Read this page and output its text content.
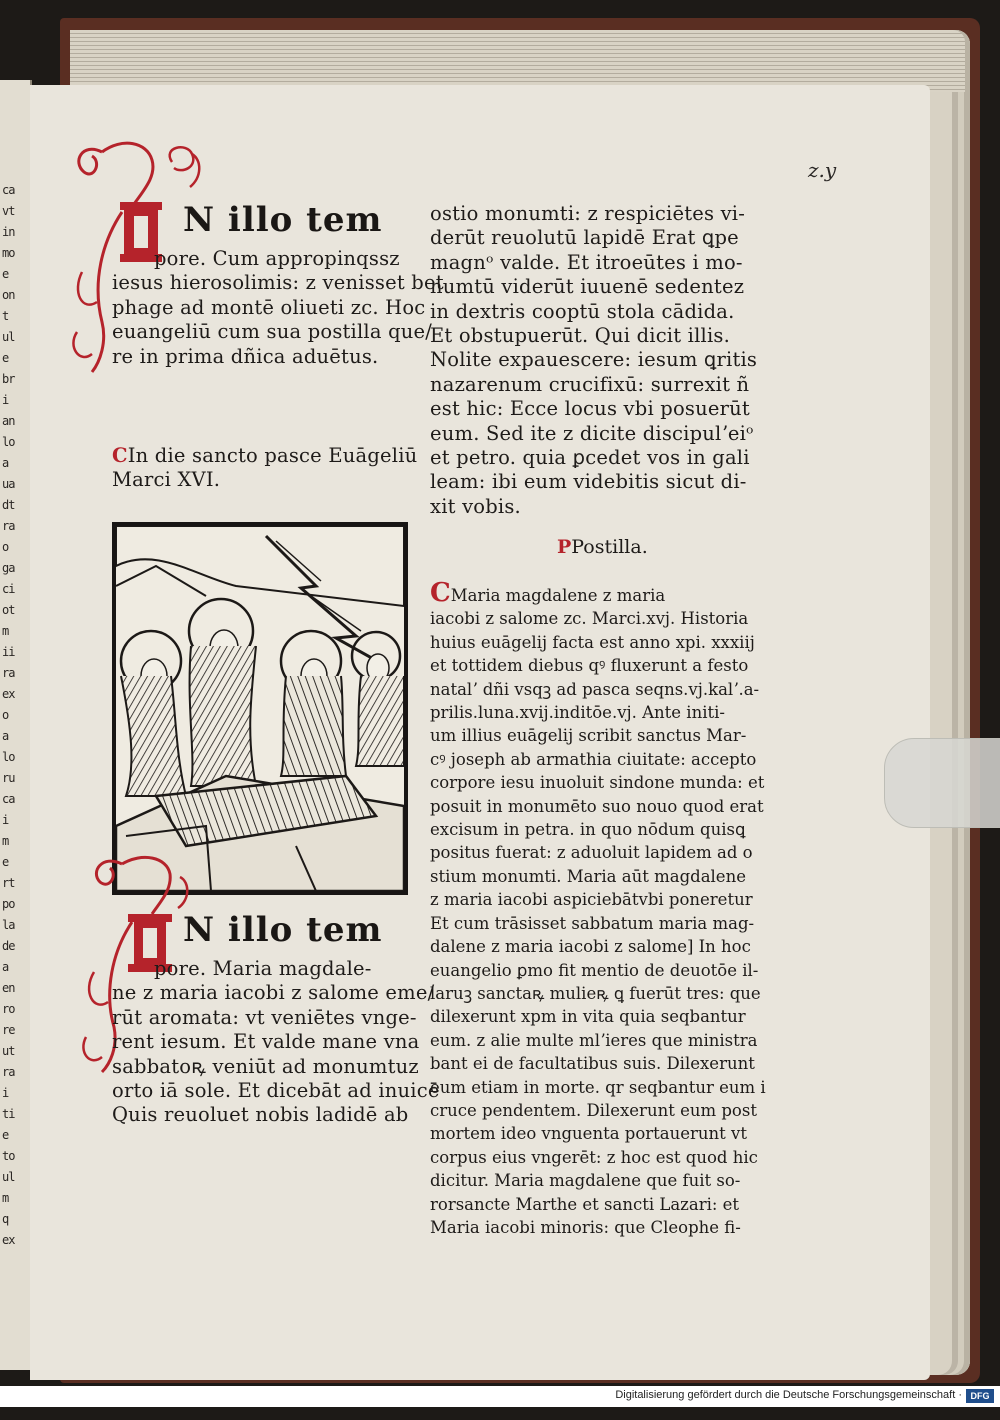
ca
vt
in
mo
e
on
t
ul
e
br
i
an
lo
a
ua
dt
ra
o
ga
ci
ot
m
ii
ra
ex
o
a
lo
ru
ca
i
m
e
rt
po
la
de
a
en
ro
re
ut
ra
i
ti
e
to
ul
m
q
ex
z.y
N illo tem
pore. Cum appropinqssz
iesus hierosolimis: z venisset bet
phage ad montē oliueti zc. Hoc
euangeliū cum sua postilla que/
re in prima dñica aduētus.
CIn die sancto pasce Euāgeliū
Marci XVI.
N illo tem
pore. Maria magdale-
ne z maria iacobi z salome eme/
rūt aromata: vt veniētes vnge-
rent iesum. Et valde mane vna
sabbatoꝶ veniūt ad monumtuz
orto iā sole. Et dicebāt ad inuicē
Quis reuoluet nobis ladidē ab
ostio monumti: z respiciētes vi-
derūt reuolutū lapidē Erat ꝗpe
magnᵒ valde. Et itroeūtes i mo-
numtū viderūt iuuenē sedentez
in dextris cooptū stola cādida.
Et obstupuerūt. Qui dicit illis.
Nolite expauescere: iesum ꝗritis
nazarenum crucifixū: surrexit ñ
est hic: Ecce locus vbi posuerūt
eum. Sed ite z dicite discipulʼeiᵒ
et petro. quia ꝑcedet vos in gali
leam: ibi eum videbitis sicut di-
xit vobis.
PPostilla.
CMaria magdalene z maria
iacobi z salome zc. Marci.xvj. Historia
huius euāgelij facta est anno xpi. xxxiij
et tottidem diebus qꝰ fluxerunt a festo
natalʼ dñi vsqꝫ ad pasca seqns.vj.kalʼ.a-
prilis.luna.xvij.inditōe.vj. Ante initi-
um illius euāgelij scribit sanctus Mar-
cꝰ joseph ab armathia ciuitate: accepto
corpore iesu inuoluit sindone munda: et
posuit in monumēto suo nouo quod erat
excisum in petra. in quo nōdum quisꝗ
positus fuerat: z aduoluit lapidem ad o
stium monumti. Maria aūt magdalene
z maria iacobi aspiciebātvbi poneretur
Et cum trāsisset sabbatum maria mag-
dalene z maria iacobi z salome] In hoc
euangelio ꝑmo fit mentio de deuotōe il-
laruꝫ sanctaꝶ mulieꝶ ꝗ fuerūt tres: que
dilexerunt xpm in vita quia seqbantur
eum. z alie multe mlʼieres que ministra
bant ei de facultatibus suis. Dilexerunt
eum etiam in morte. qr seqbantur eum i
cruce pendentem. Dilexerunt eum post
mortem ideo vnguenta portauerunt vt
corpus eius vngerēt: z hoc est quod hic
dicitur. Maria magdalene que fuit so-
rorsancte Marthe et sancti Lazari: et
Maria iacobi minoris: que Cleophe fi-
Digitalisierung gefördert durch die Deutsche Forschungsgemeinschaft · DFG
